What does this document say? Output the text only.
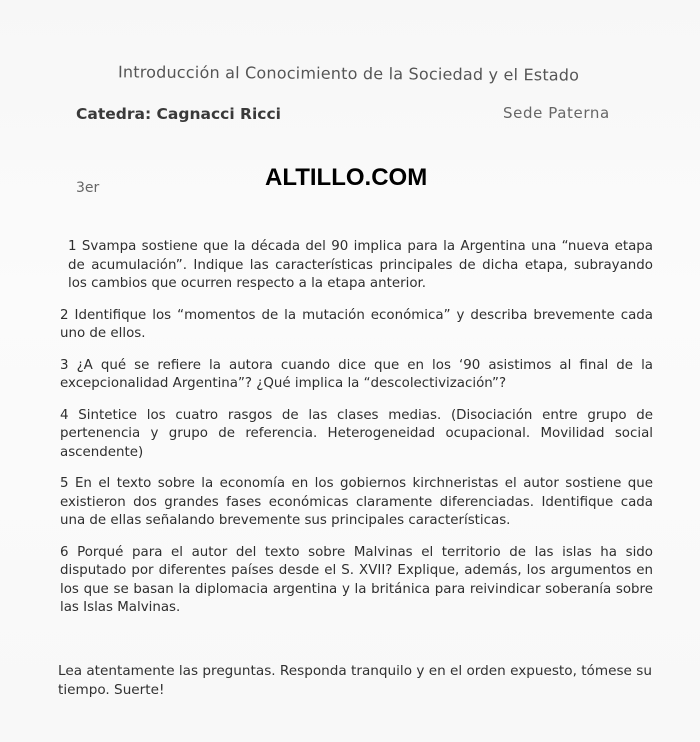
Introducción al Conocimiento de la Sociedad y el Estado
Catedra: Cagnacci Ricci	Sede Paterna
ALTILLO.COM
3er

1 Svampa sostiene que la década del 90 implica para la Argentina una “nueva etapa de acumulación”. Indique las características principales de dicha etapa, subrayando los cambios que ocurren respecto a la etapa anterior.

2 Identifique los “momentos de la mutación económica” y describa brevemente cada uno de ellos.

3 ¿A qué se refiere la autora cuando dice que en los ‘90 asistimos al final de la excepcionalidad Argentina”? ¿Qué implica la “descolectivización”?

4 Sintetice los cuatro rasgos de las clases medias. (Disociación entre grupo de pertenencia y grupo de referencia. Heterogeneidad ocupacional. Movilidad social ascendente)

5 En el texto sobre la economía en los gobiernos kirchneristas el autor sostiene que existieron dos grandes fases económicas claramente diferenciadas. Identifique cada una de ellas señalando brevemente sus principales características.

6 Porqué para el autor del texto sobre Malvinas el territorio de las islas ha sido disputado por diferentes países desde el S. XVII? Explique, además, los argumentos en los que se basan la diplomacia argentina y la británica para reivindicar soberanía sobre las Islas Malvinas.

Lea atentamente las preguntas. Responda tranquilo y en el orden expuesto, tómese su tiempo. Suerte!
